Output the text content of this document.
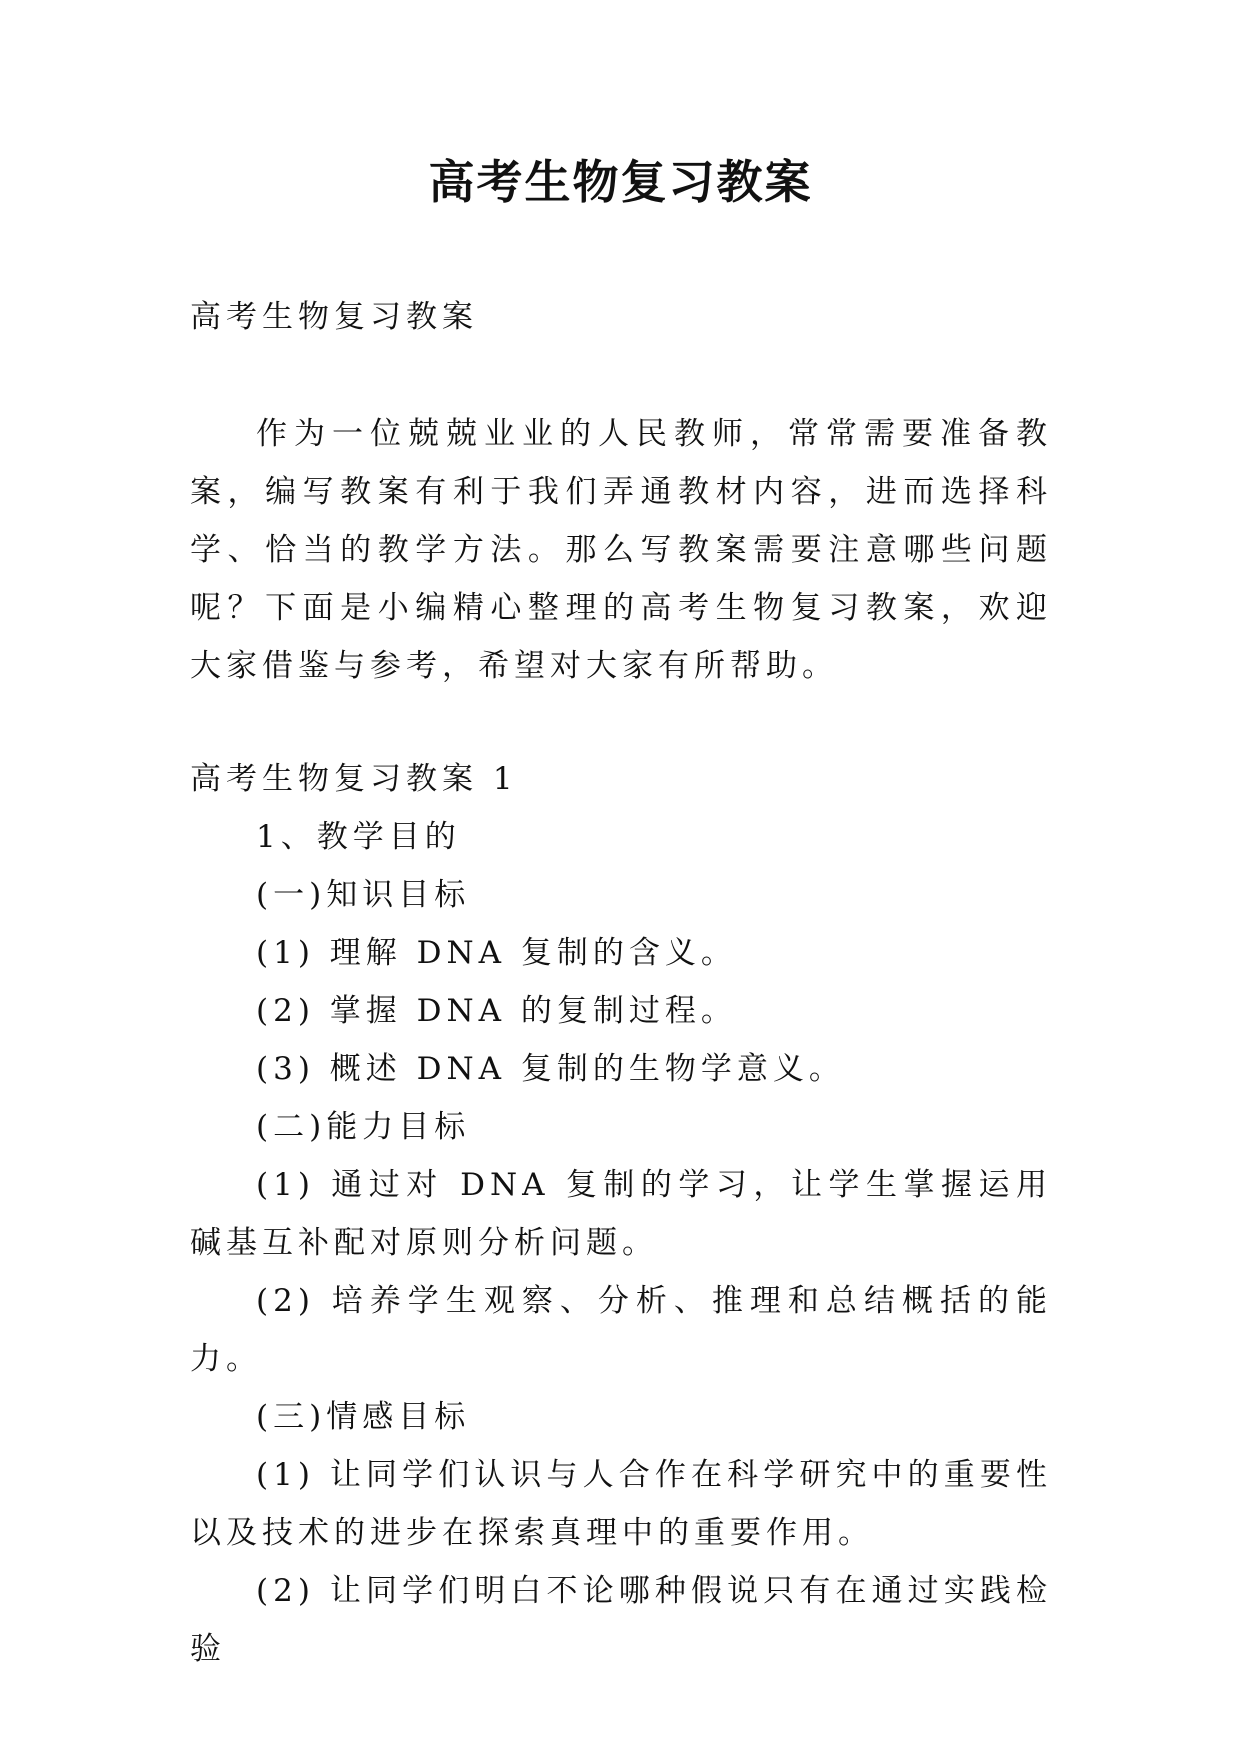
高考生物复习教案
高考生物复习教案
作为一位兢兢业业的人民教师，常常需要准备教案，编写教案有利于我们弄通教材内容，进而选择科学、恰当的教学方法。那么写教案需要注意哪些问题呢？下面是小编精心整理的高考生物复习教案，欢迎大家借鉴与参考，希望对大家有所帮助。

高考生物复习教案 1

1、教学目的

(一)知识目标

(1) 理解 DNA 复制的含义。

(2) 掌握 DNA 的复制过程。

(3) 概述 DNA 复制的生物学意义。

(二)能力目标

(1) 通过对 DNA 复制的学习，让学生掌握运用碱基互补配对原则分析问题。

(2) 培养学生观察、分析、推理和总结概括的能力。

(三)情感目标

(1) 让同学们认识与人合作在科学研究中的重要性以及技术的进步在探索真理中的重要作用。

(2) 让同学们明白不论哪种假说只有在通过实践检验
